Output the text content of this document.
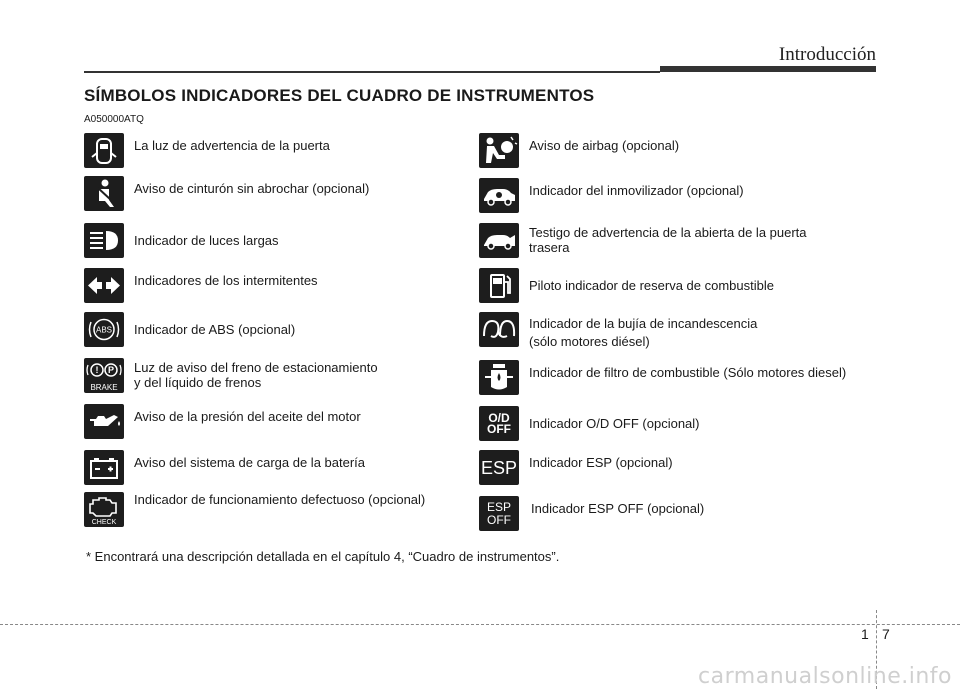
Introducción
SÍMBOLOS INDICADORES DEL CUADRO DE INSTRUMENTOS
A050000ATQ
La luz de advertencia de la puerta
Aviso de cinturón sin abrochar (opcional)
Indicador de luces largas
Indicadores de los intermitentes
ABS Indicador de ABS (opcional)
! P
BRAKE
Luz de aviso del freno de estacionamiento
y del líquido de frenos
Aviso de la presión del aceite del motor
Aviso del sistema de carga de la batería
CHECK
Indicador de funcionamiento defectuoso (opcional)
Aviso de airbag (opcional)
Indicador del inmovilizador (opcional)
Testigo de advertencia de la abierta de la puerta
trasera
Piloto indicador de reserva de combustible
Indicador de la bujía de incandescencia
(sólo motores diésel)
Indicador de filtro de combustible (Sólo motores diesel)
O/D
OFF Indicador O/D OFF (opcional)
ESP Indicador ESP (opcional)
ESP
OFF
Indicador ESP OFF (opcional)
* Encontrará una descripción detallada en el capítulo 4, “Cuadro de instrumentos”.
1 7
carmanualsonline.info
